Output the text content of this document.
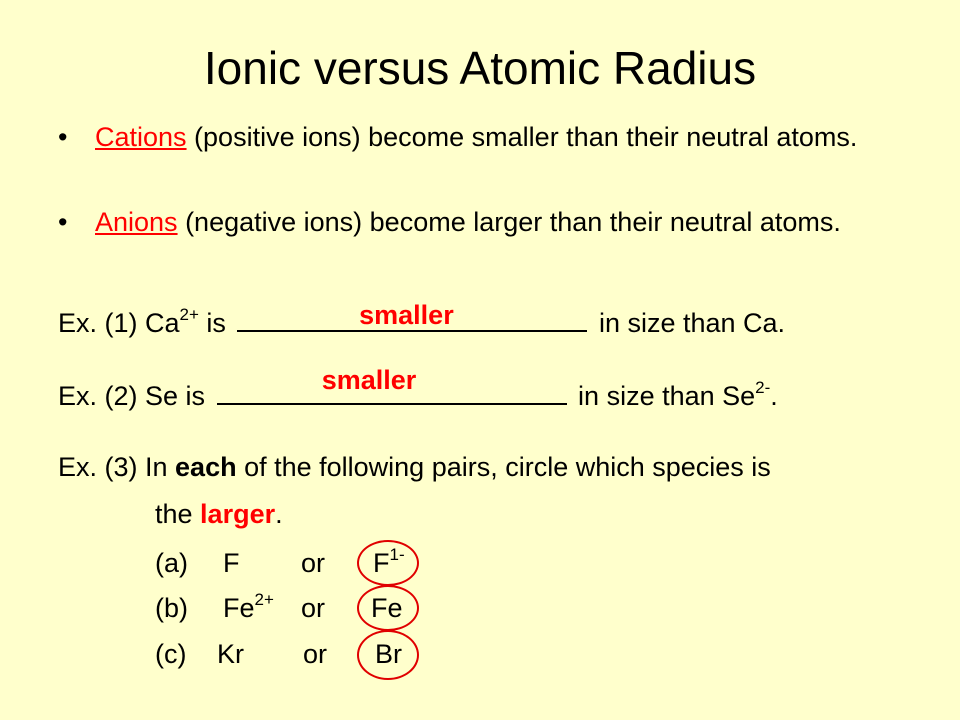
Ionic versus Atomic Radius
• Cations (positive ions) become smaller than their neutral atoms.
• Anions (negative ions) become larger than their neutral atoms.
Ex. (1) $Ca^{2+}$ is	smaller	in size than Ca.
Ex. (2) Se is
smaller
in size than $Se^{2-}$.
Ex. (3) In each of the following pairs, circle which species is
the larger.
(a) F or $F^{1-}$
(b) $Fe^{2+}$ or Fe
(c) Kr or Br
